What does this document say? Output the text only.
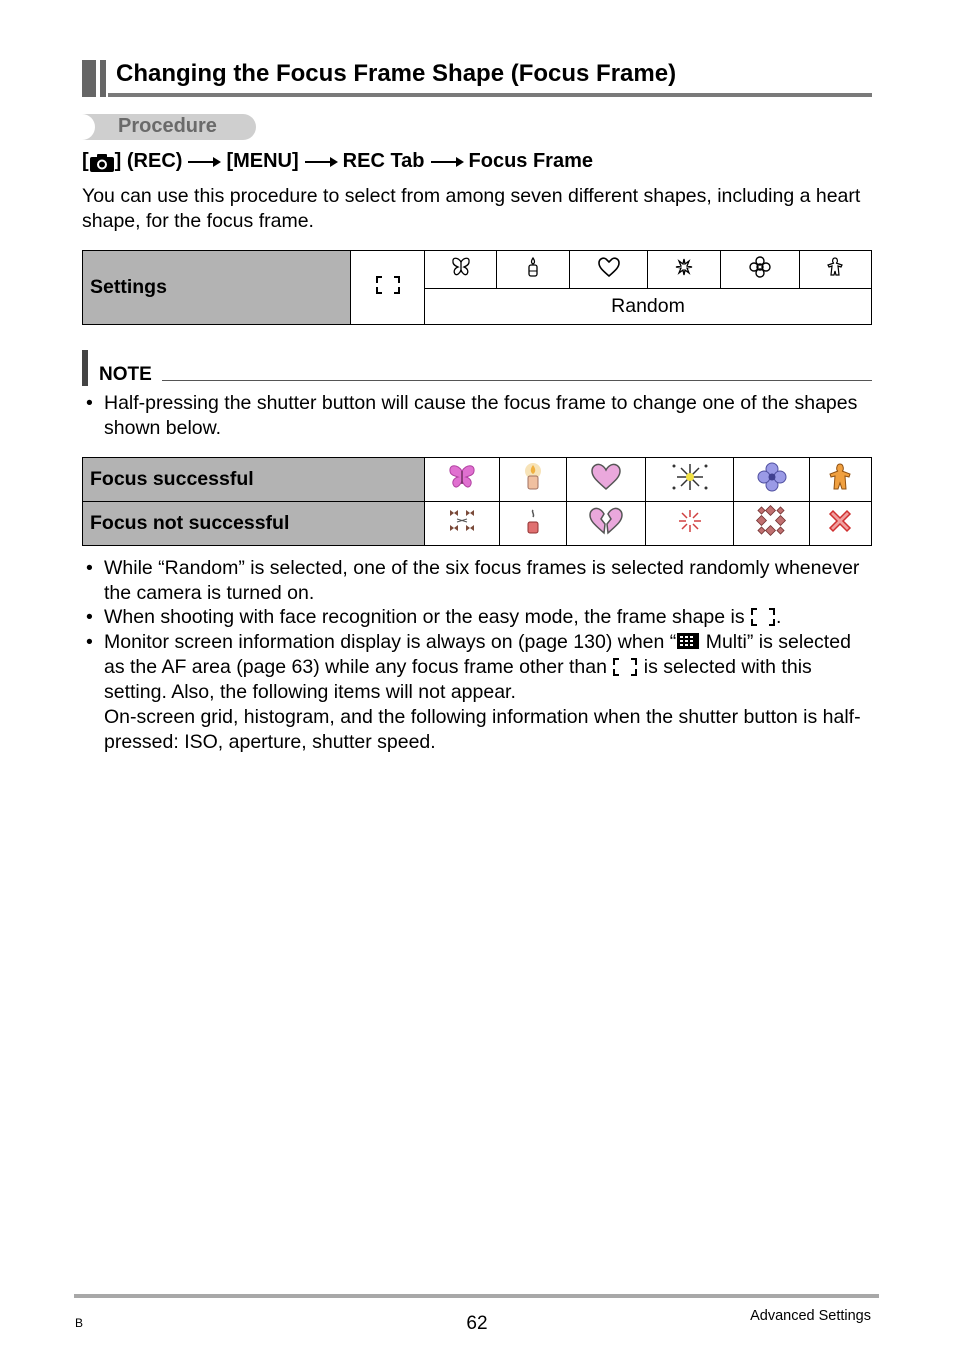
Changing the Focus Frame Shape (Focus Frame)
Procedure
[ ] (REC) [MENU] REC Tab Focus Frame
You can use this procedure to select from among seven different shapes, including a heart shape, for the focus frame.
Settings							
Random
NOTE
• Half-pressing the shutter button will cause the focus frame to change one of the shapes shown below.
Focus successful						
Focus not successful						
• While “Random” is selected, one of the six focus frames is selected randomly whenever the camera is turned on.
• When shooting with face recognition or the easy mode, the frame shape is .
• Monitor screen information display is always on (page 130) when “ Multi” is selected as the AF area (page 63) while any focus frame other than  is selected with this setting. Also, the following items will not appear.
On-screen grid, histogram, and the following information when the shutter button is half-pressed: ISO, aperture, shutter speed.
B	62	Advanced Settings
